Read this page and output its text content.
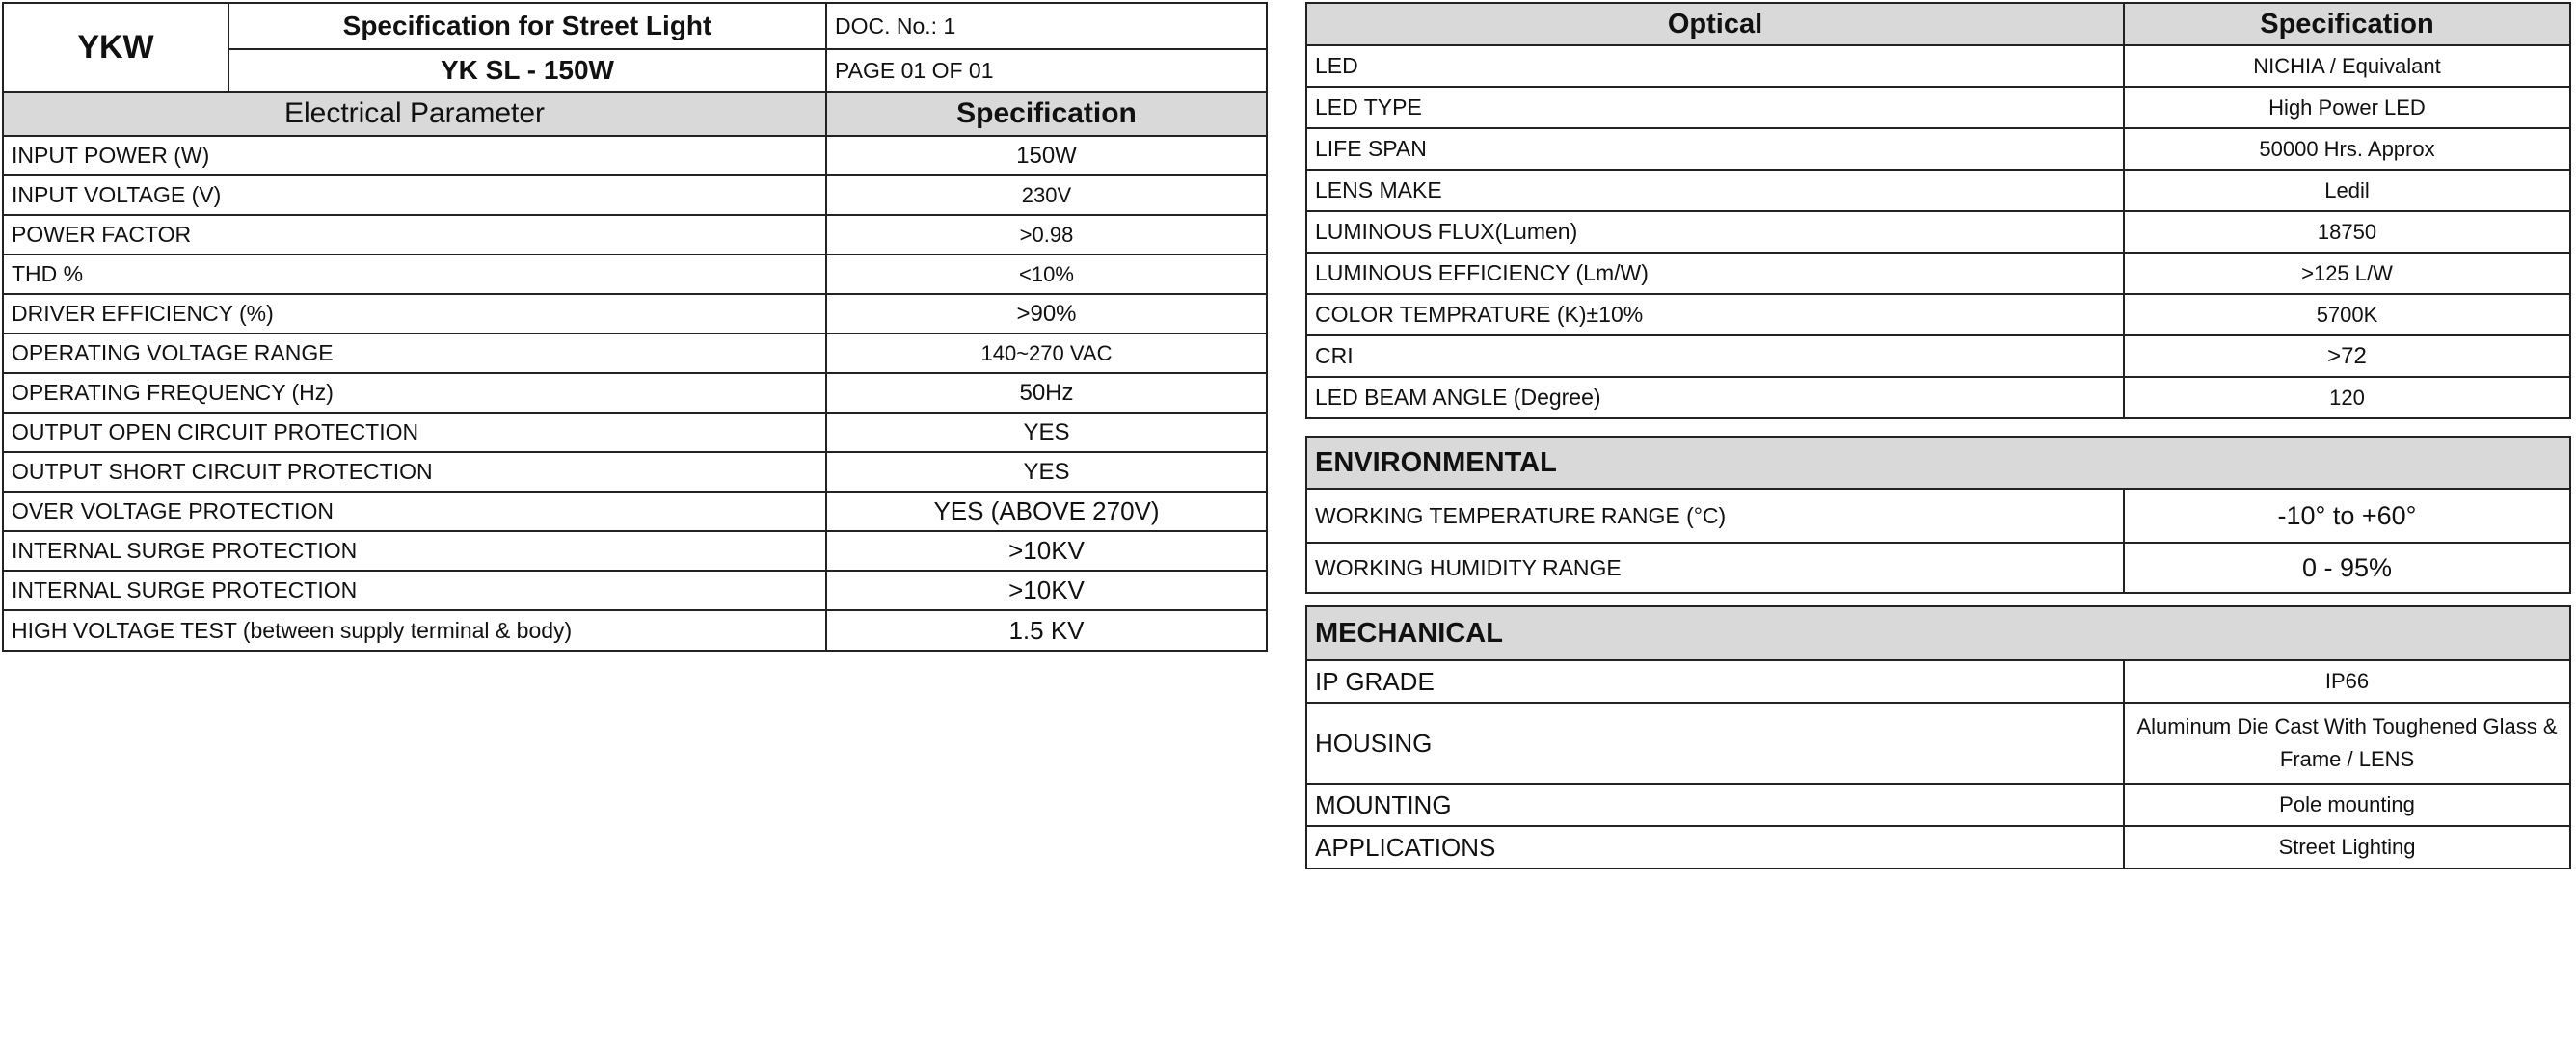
YKW	Specification for Street Light	DOC. No.: 1
	YK SL - 150W	PAGE 01 OF 01
Electrical Parameter	Specification
INPUT POWER (W)	150W
INPUT VOLTAGE (V)	230V
POWER FACTOR	>0.98
THD %	<10%
DRIVER EFFICIENCY (%)	>90%
OPERATING VOLTAGE RANGE	140~270 VAC
OPERATING FREQUENCY (Hz)	50Hz
OUTPUT OPEN CIRCUIT PROTECTION	YES
OUTPUT SHORT CIRCUIT PROTECTION	YES
OVER VOLTAGE PROTECTION	YES (ABOVE 270V)
INTERNAL SURGE PROTECTION	>10KV
INTERNAL SURGE PROTECTION	>10KV
HIGH VOLTAGE TEST (between supply terminal & body)	1.5 KV
Optical	Specification
LED	NICHIA / Equivalant
LED TYPE	High Power LED
LIFE SPAN	50000 Hrs. Approx
LENS MAKE	Ledil
LUMINOUS FLUX(Lumen)	18750
LUMINOUS EFFICIENCY (Lm/W)	>125 L/W
COLOR TEMPRATURE (K)±10%	5700K
CRI	>72
LED BEAM ANGLE (Degree)	120
ENVIRONMENTAL	
WORKING TEMPERATURE RANGE (°C)	-10° to +60°
WORKING HUMIDITY RANGE	0 - 95%
MECHANICAL	
IP GRADE	IP66
HOUSING	Aluminum Die Cast With Toughened Glass & Frame / LENS
MOUNTING	Pole mounting
APPLICATIONS	Street Lighting
